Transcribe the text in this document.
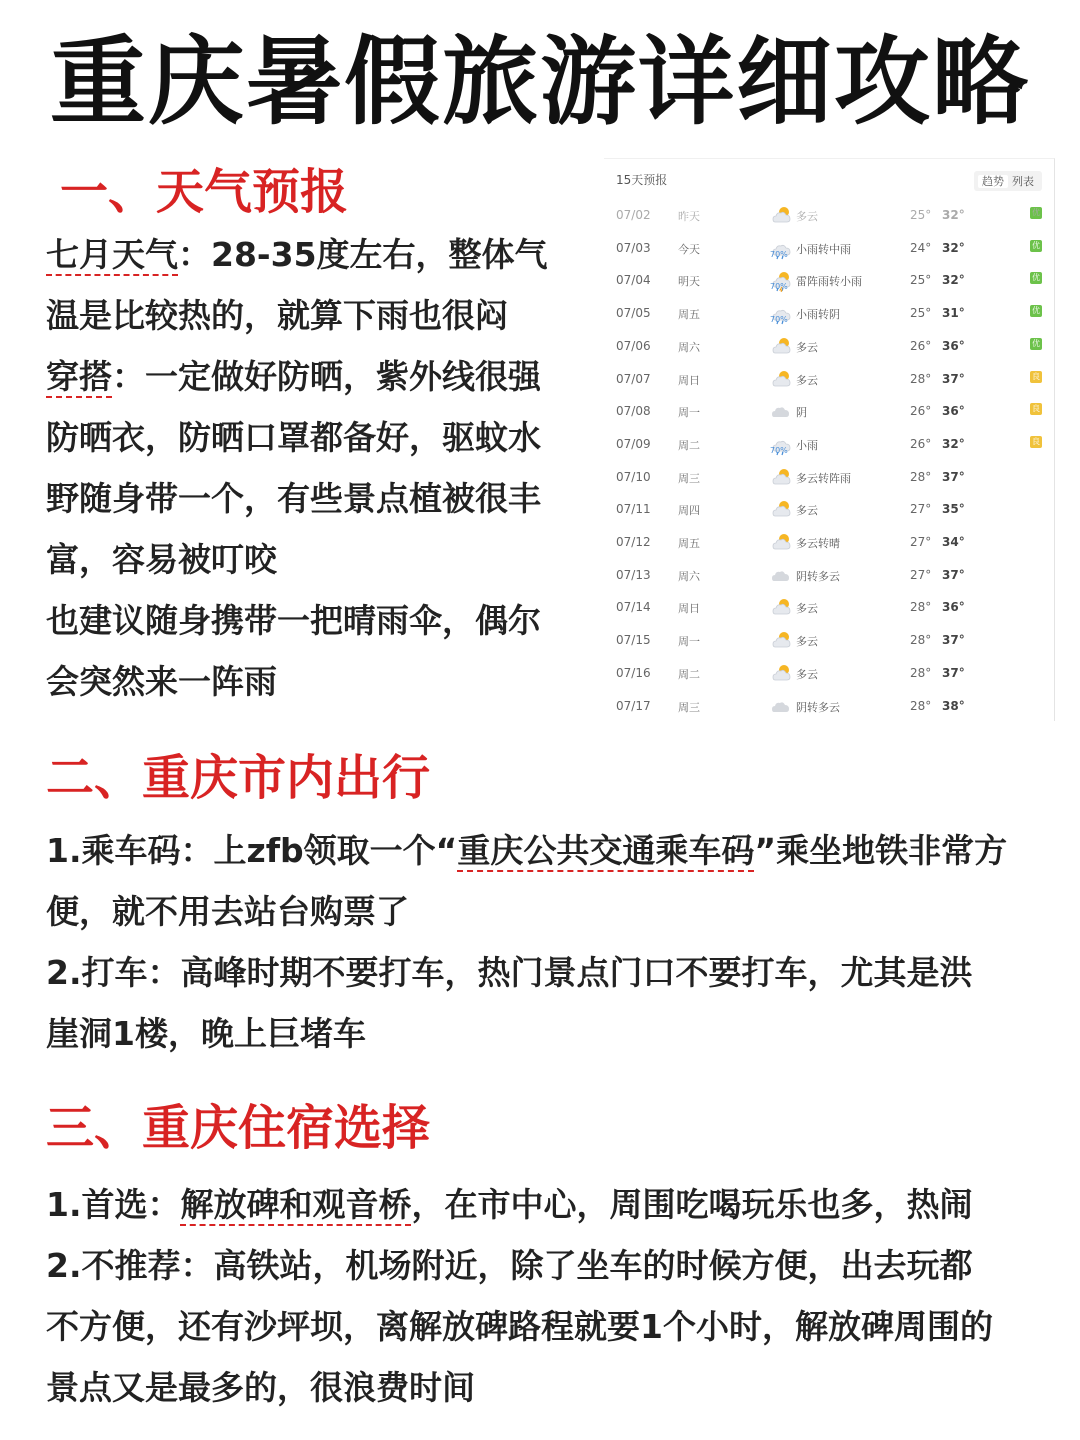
重庆暑假旅游详细攻略
一、天气预报
七月天气：28-35度左右，整体气
温是比较热的，就算下雨也很闷
穿搭：一定做好防晒，紫外线很强
防晒衣，防晒口罩都备好，驱蚊水
野随身带一个，有些景点植被很丰
富，容易被叮咬
也建议随身携带一把晴雨伞，偶尔
会突然来一阵雨
15天预报	趋势 列表
07/02 昨天	多云	25° 32°	优
07/03 今天	70% 小雨转中雨	24° 32°	优
07/04 明天	70% 雷阵雨转小雨	25° 32°	优
07/05 周五	70% 小雨转阴	25° 31°	优
07/06 周六	多云	26° 36°	优
07/07 周日	多云	28° 37°	良
07/08 周一	阴	26° 36°	良
07/09 周二	70% 小雨	26° 32°	良
07/10 周三	多云转阵雨	28° 37°
07/11 周四	多云	27° 35°
07/12 周五	多云转晴	27° 34°
07/13 周六	阴转多云	27° 37°
07/14 周日	多云	28° 36°
07/15 周一	多云	28° 37°
07/16 周二	多云	28° 37°
07/17 周三	阴转多云	28° 38°
二、重庆市内出行
1.乘车码：上zfb领取一个“重庆公共交通乘车码”乘坐地铁非常方
便，就不用去站台购票了
2.打车：高峰时期不要打车，热门景点门口不要打车，尤其是洪
崖洞1楼，晚上巨堵车
三、重庆住宿选择
1.首选：解放碑和观音桥，在市中心，周围吃喝玩乐也多，热闹
2.不推荐：高铁站，机场附近，除了坐车的时候方便，出去玩都
不方便，还有沙坪坝，离解放碑路程就要1个小时，解放碑周围的
景点又是最多的，很浪费时间
